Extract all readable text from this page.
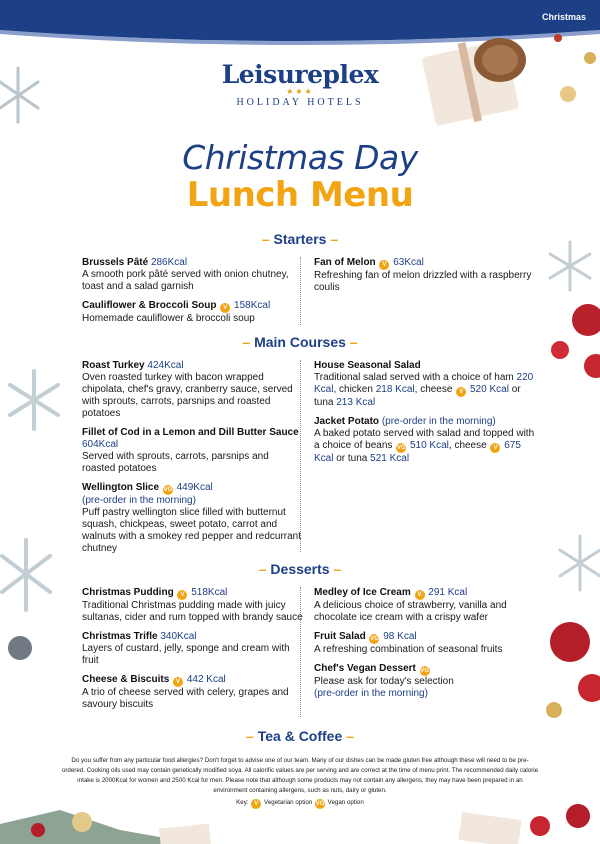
Christmas
Leisureplex
★★★
HOLIDAY HOTELS
Christmas Day
Lunch Menu
– Starters –
Brussels Pâté 286Kcal
A smooth pork pâté served with onion chutney, toast and a salad garnish
Cauliflower & Broccoli Soup V 158Kcal
Homemade cauliflower & broccoli soup
Fan of Melon V 63Kcal
Refreshing fan of melon drizzled with a raspberry coulis
– Main Courses –
Roast Turkey 424Kcal
Oven roasted turkey with bacon wrapped chipolata, chef's gravy, cranberry sauce, served with sprouts, carrots, parsnips and roasted potatoes
Fillet of Cod in a Lemon and Dill Butter Sauce 604Kcal
Served with sprouts, carrots, parsnips and roasted potatoes
Wellington Slice VG 449Kcal
(pre-order in the morning)
Puff pastry wellington slice filled with butternut squash, chickpeas, sweet potato, carrot and walnuts with a smokey red pepper and redcurrant chutney
House Seasonal Salad
Traditional salad served with a choice of ham 220 Kcal, chicken 218 Kcal, cheese V 520 Kcal or tuna 213 Kcal
Jacket Potato (pre-order in the morning)
A baked potato served with salad and topped with a choice of beans VG 510 Kcal, cheese V 675 Kcal or tuna 521 Kcal
– Desserts –
Christmas Pudding V 518Kcal
Traditional Christmas pudding made with juicy sultanas, cider and rum topped with brandy sauce
Christmas Trifle 340Kcal
Layers of custard, jelly, sponge and cream with fruit
Cheese & Biscuits V 442 Kcal
A trio of cheese served with celery, grapes and savoury biscuits
Medley of Ice Cream V 291 Kcal
A delicious choice of strawberry, vanilla and chocolate ice cream with a crispy wafer
Fruit Salad VG 98 Kcal
A refreshing combination of seasonal fruits
Chef's Vegan Dessert VG
Please ask for today's selection
(pre-order in the morning)
– Tea & Coffee –
Do you suffer from any particular food allergies? Don't forget to advise one of our team. Many of our dishes can be made gluten free although these will need to be pre-ordered. Cooking oils used may contain genetically modified soya. All calorific values are per serving and are correct at the time of menu print. The recommended daily calorie intake is 2000Kcal for women and 2500 Kcal for men. Please note that although some products may not contain any allergens, they may have been prepared in an environment containing allergens, such as nuts, dairy or gluten.
Key: V Vegetarian option VG Vegan option
